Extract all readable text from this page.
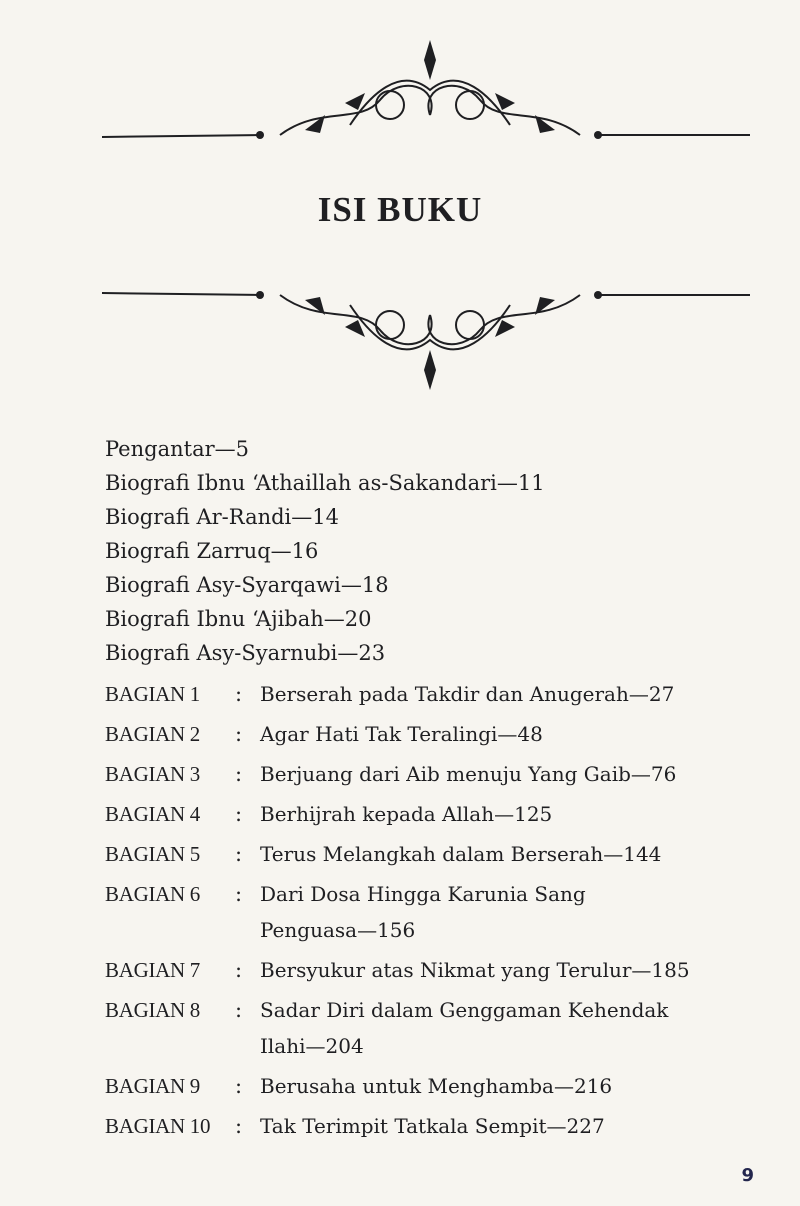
ISI BUKU
Pengantar—5
Biografi Ibnu ‘Athaillah as-Sakandari—11
Biografi Ar-Randi—14
Biografi Zarruq—16
Biografi Asy-Syarqawi—18
Biografi Ibnu ‘Ajibah—20
Biografi Asy-Syarnubi—23
BAGIAN 1	: Berserah pada Takdir dan Anugerah—27
BAGIAN 2	: Agar Hati Tak Teralingi—48
BAGIAN 3	: Berjuang dari Aib menuju Yang Gaib—76
BAGIAN 4	: Berhijrah kepada Allah—125
BAGIAN 5	: Terus Melangkah dalam Berserah—144
BAGIAN 6	: Dari Dosa Hingga Karunia Sang
Penguasa—156
BAGIAN 7	: Bersyukur atas Nikmat yang Terulur—185
BAGIAN 8	: Sadar Diri dalam Genggaman Kehendak
Ilahi—204
BAGIAN 9	: Berusaha untuk Menghamba—216
BAGIAN 10	: Tak Terimpit Tatkala Sempit—227
9
